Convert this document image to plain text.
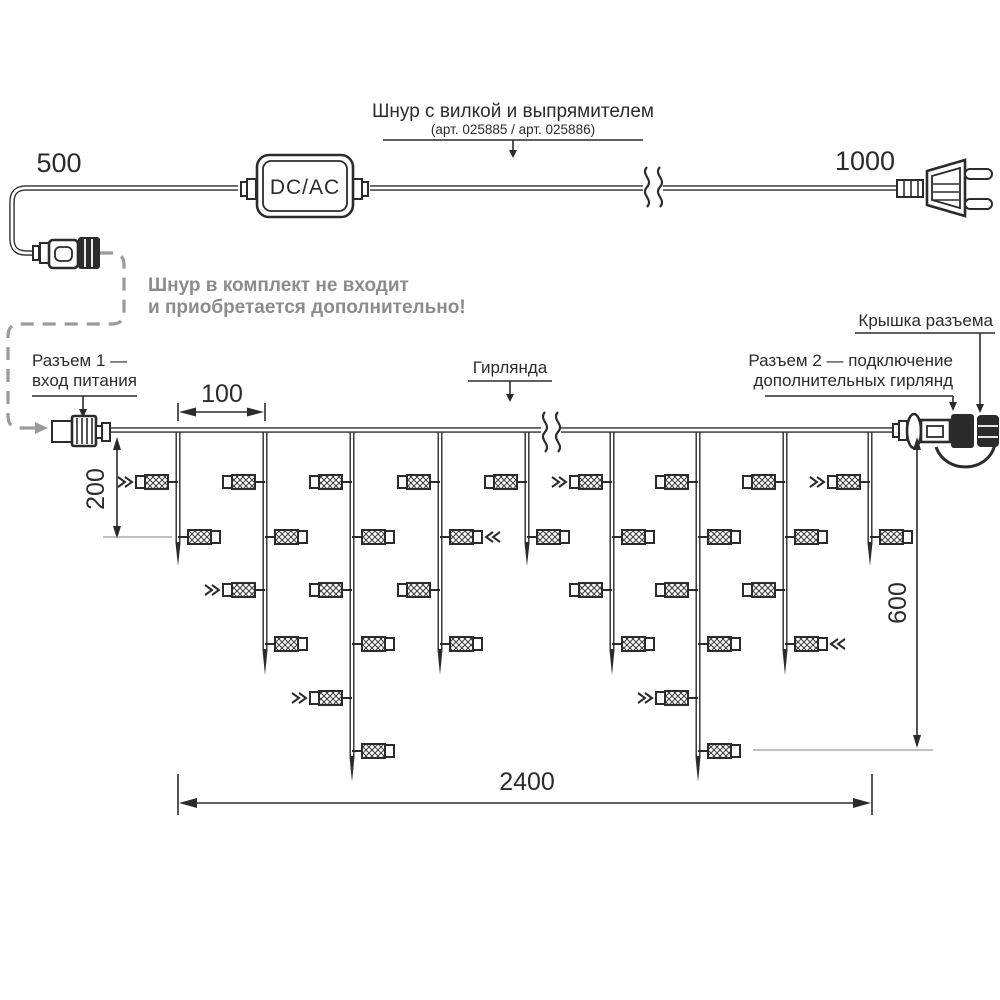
DC/AC
500	1000
Шнур с вилкой и выпрямителем
(арт. 025885 / арт. 025886)
Шнур в комплект не входит
и приобретается дополнительно!
Разъем 1 —
вход питания
Гирлянда	Разъем 2 — подключение
дополнительных гирлянд
Крышка разъема
100
200
600
2400
